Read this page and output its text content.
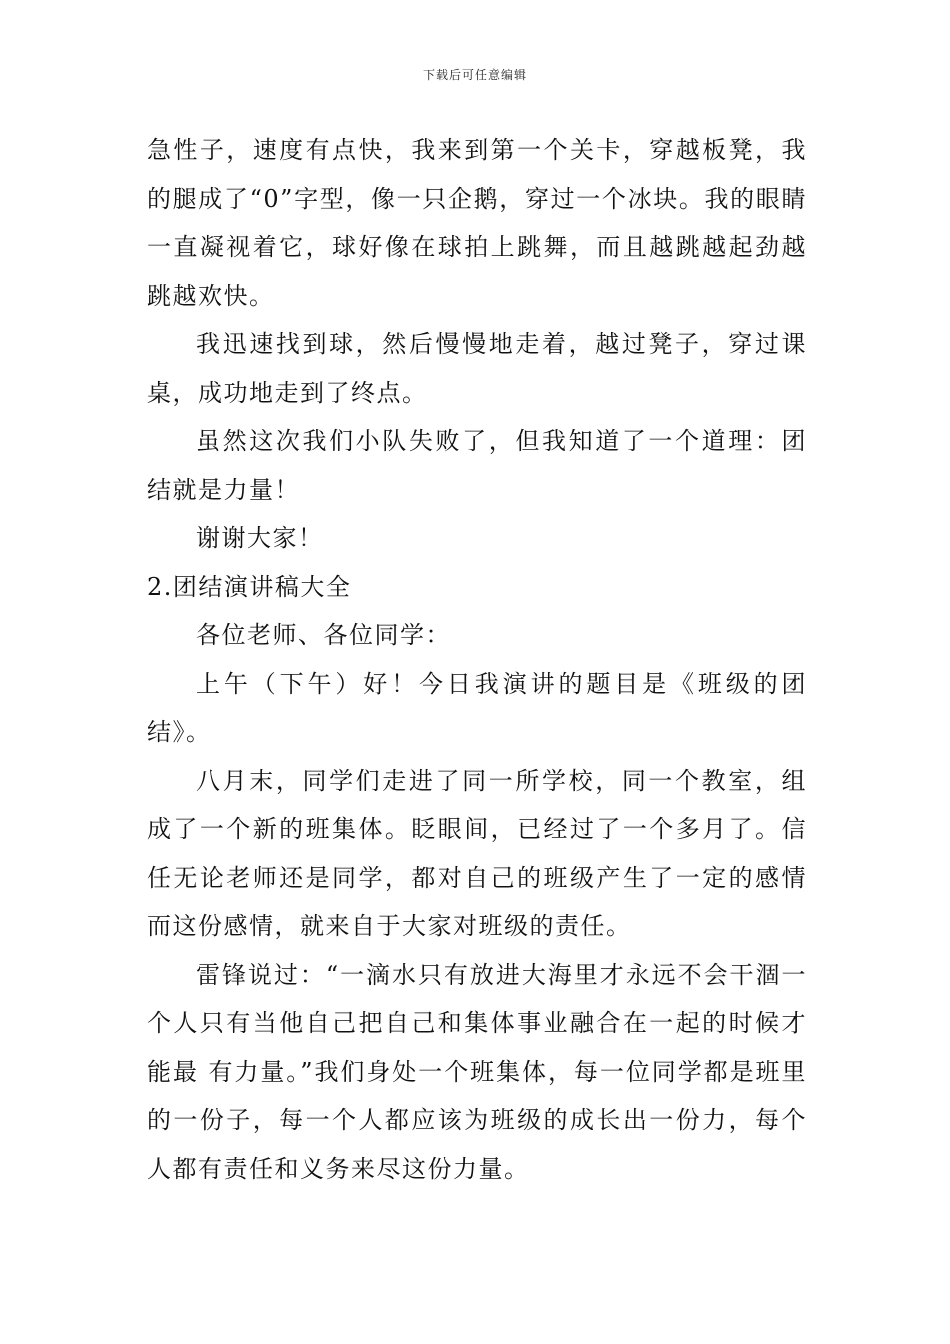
下载后可任意编辑

急性子，速度有点快，我来到第一个关卡，穿越板凳，我的腿成了“0”字型，像一只企鹅，穿过一个冰块。我的眼睛一直凝视着它，球好像在球拍上跳舞，而且越跳越起劲越跳越欢快。

我迅速找到球，然后慢慢地走着，越过凳子，穿过课桌，成功地走到了终点。

虽然这次我们小队失败了，但我知道了一个道理：团结就是力量！

谢谢大家！

2.团结演讲稿大全

各位老师、各位同学：

上午（下午）好！今日我演讲的题目是《班级的团结》。

八月末，同学们走进了同一所学校，同一个教室，组成了一个新的班集体。眨眼间，已经过了一个多月了。信任无论老师还是同学，都对自己的班级产生了一定的感情而这份感情，就来自于大家对班级的责任。

雷锋说过：“一滴水只有放进大海里才永远不会干涸一个人只有当他自己把自己和集体事业融合在一起的时候才能最 有力量。”我们身处一个班集体，每一位同学都是班里的一份子，每一个人都应该为班级的成长出一份力，每个人都有责任和义务来尽这份力量。
